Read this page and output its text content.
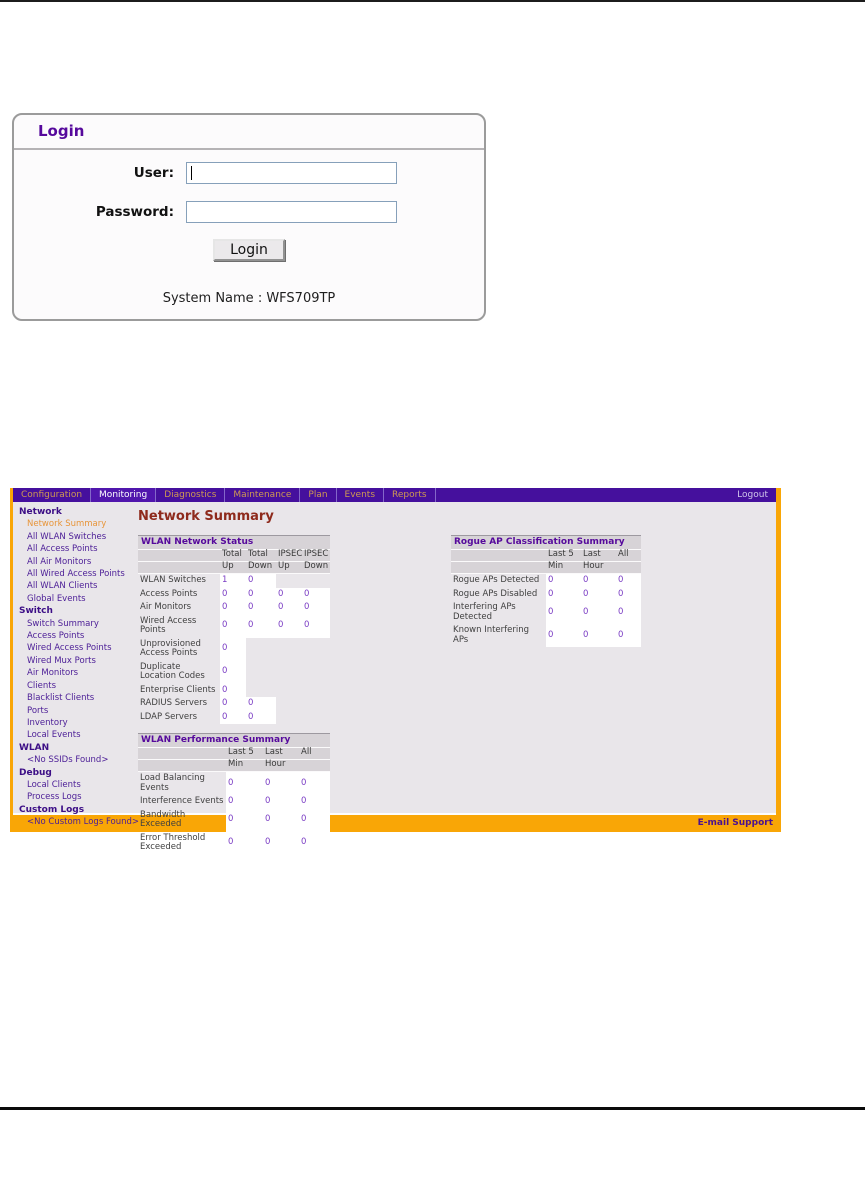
Login
User:
Password:
Login
System Name : WFS709TP
Configuration	Monitoring	Diagnostics	Maintenance	Plan	Events	Reports	Logout
Network
Network Summary
All WLAN Switches
All Access Points
All Air Monitors
All Wired Access Points
All WLAN Clients
Global Events
Switch
Switch Summary
Access Points
Wired Access Points
Wired Mux Ports
Air Monitors
Clients
Blacklist Clients
Ports
Inventory
Local Events
WLAN
<No SSIDs Found>
Debug
Local Clients
Process Logs
Custom Logs
<No Custom Logs Found>
Network Summary
WLAN Network Status
	Total	Total	IPSEC	IPSEC
	Up	Down	Up	Down
WLAN Switches	1	0		
Access Points	0	0	0	0
Air Monitors	0	0	0	0
Wired Access Points	0	0	0	0
Unprovisioned Access Points	0			
Duplicate Location Codes	0			
Enterprise Clients	0			
RADIUS Servers	0	0		
LDAP Servers	0	0		
WLAN Performance Summary
	Last 5	Last	All
	Min	Hour	
Load Balancing Events	0	0	0
Interference Events	0	0	0
Bandwidth Exceeded	0	0	0
Error Threshold Exceeded	0	0	0
Rogue AP Classification Summary
	Last 5	Last	All
	Min	Hour	
Rogue APs Detected	0	0	0
Rogue APs Disabled	0	0	0
Interfering APs Detected	0	0	0
Known Interfering APs	0	0	0
E-mail Support
